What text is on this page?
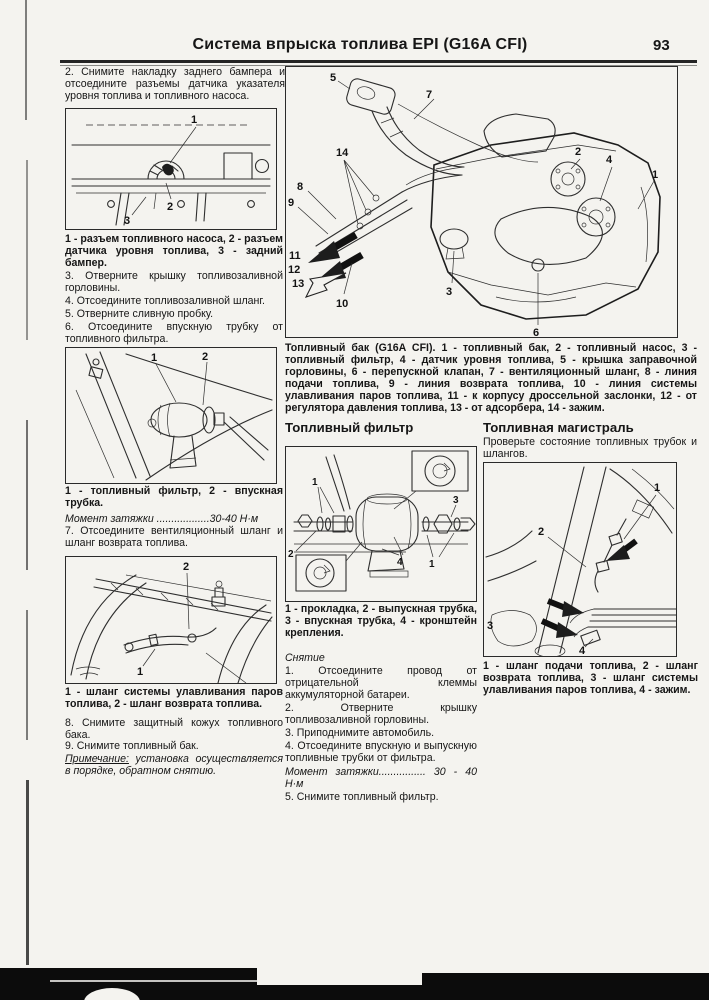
Система впрыска топлива EPI (G16A CFI)	93
2. Снимите накладку заднего бампера и отсоедините разъемы датчика указателя уровня топлива и топливного насоса.
1
2
3
1 - разъем топливного насоса, 2 - разъем датчика уровня топлива, 3 - задний бампер.

3. Отверните крышку топливозаливной горловины.

4. Отсоедините топливозаливной шланг.

5. Отверните сливную пробку.

6. Отсоедините впускную трубку от топливного фильтра.

1	2
1 - топливный фильтр, 2 - впускная трубка.
Момент затяжки ..................30-40 Н·м
7. Отсоедините вентиляционный шланг и шланг возврата топлива.
2
1
1 - шланг системы улавливания паров топлива, 2 - шланг возврата топлива.
8. Снимите защитный кожух топливного бака.
9. Снимите топливный бак.
Примечание: установка осуществляется в порядке, обратном снятию.
5
7
14
8
9
11
12
13
10
3
6
2
4
1
Топливный бак (G16A CFI). 1 - топливный бак, 2 - топливный насос, 3 - топливный фильтр, 4 - датчик уровня топлива, 5 - крышка заправочной горловины, 6 - перепускной клапан, 7 - вентиляционный шланг, 8 - линия подачи топлива, 9 - линия возврата топлива, 10 - линия системы улавливания паров топлива, 11 - к корпусу дроссельной заслонки, 12 - от регулятора давления топлива, 13 - от адсорбера, 14 - зажим.
Топливный фильтр
1
2
3
4	1
1 - прокладка, 2 - выпускная трубка, 3 - впускная трубка, 4 - кронштейн крепления.
Снятие

1. Отсоедините провод от отрицательной клеммы аккумуляторной батареи.

2. Отверните крышку топливозаливной горловины.

3. Приподнимите автомобиль.

4. Отсоедините впускную и выпускную топливные трубки от фильтра.

Момент затяжки................ 30 - 40 Н·м

5. Снимите топливный фильтр.

Топливная магистраль
Проверьте состояние топливных трубок и шлангов.
1
2
3
4
1 - шланг подачи топлива, 2 - шланг возврата топлива, 3 - шланг системы улавливания паров топлива, 4 - зажим.
